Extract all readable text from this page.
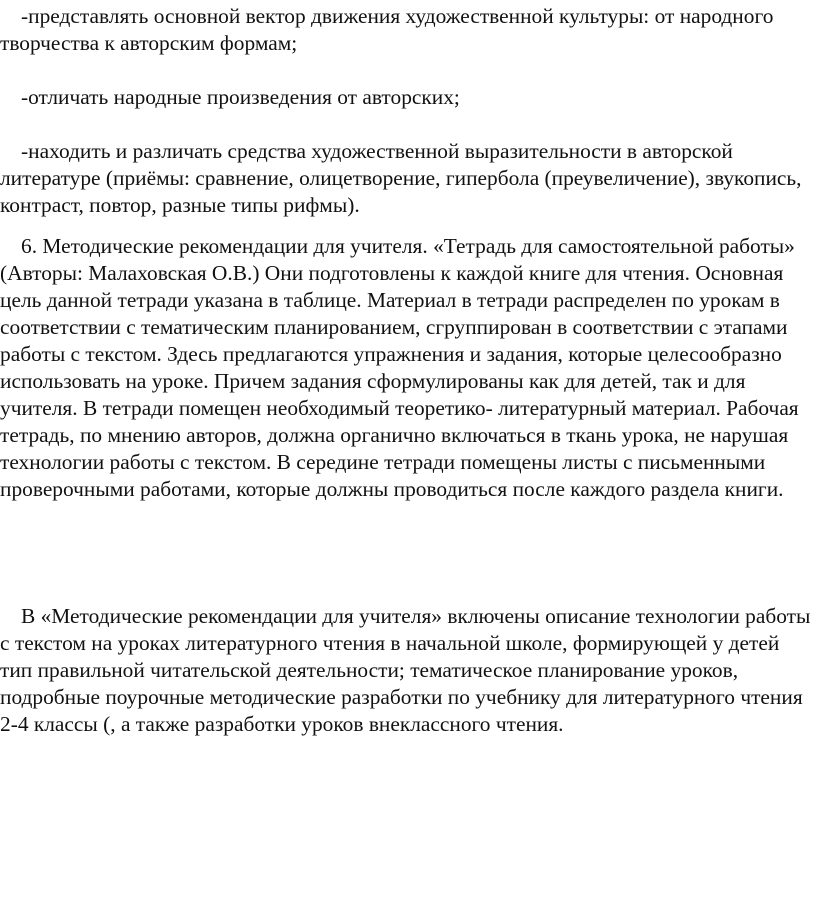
-представлять основной вектор движения художественной культуры: от народного творчества к авторским формам;

-отличать народные произведения от авторских;

-находить и различать средства художественной выразительности в авторской литературе (приёмы: сравнение, олицетворение, гипербола (преувеличение), звукопись, контраст, повтор, разные типы рифмы).

6. Методические рекомендации для учителя. «Тетрадь для самостоятельной работы» (Авторы: Малаховская О.В.) Они подготовлены к каждой книге для чтения. Основная цель данной тетради указана в таблице. Материал в тетради распределен по урокам в соответствии с тематическим планированием, сгруппирован в соответствии с этапами работы с текстом. Здесь предлагаются упражнения и задания, которые целесообразно использовать на уроке. Причем задания сформулированы как для детей, так и для учителя. В тетради помещен необходимый теоретико- литературный материал. Рабочая тетрадь, по мнению авторов, должна органично включаться в ткань урока, не нарушая технологии работы с текстом. В середине тетради помещены листы с письменными проверочными работами, которые должны проводиться после каждого раздела книги.

В «Методические рекомендации для учителя» включены описание технологии работы с текстом на уроках литературного чтения в начальной школе, формирующей у детей тип правильной читательской деятельности; тематическое планирование уроков, подробные поурочные методические разработки по учебнику для литературного чтения 2-4 классы (, а также разработки уроков внеклассного чтения.
